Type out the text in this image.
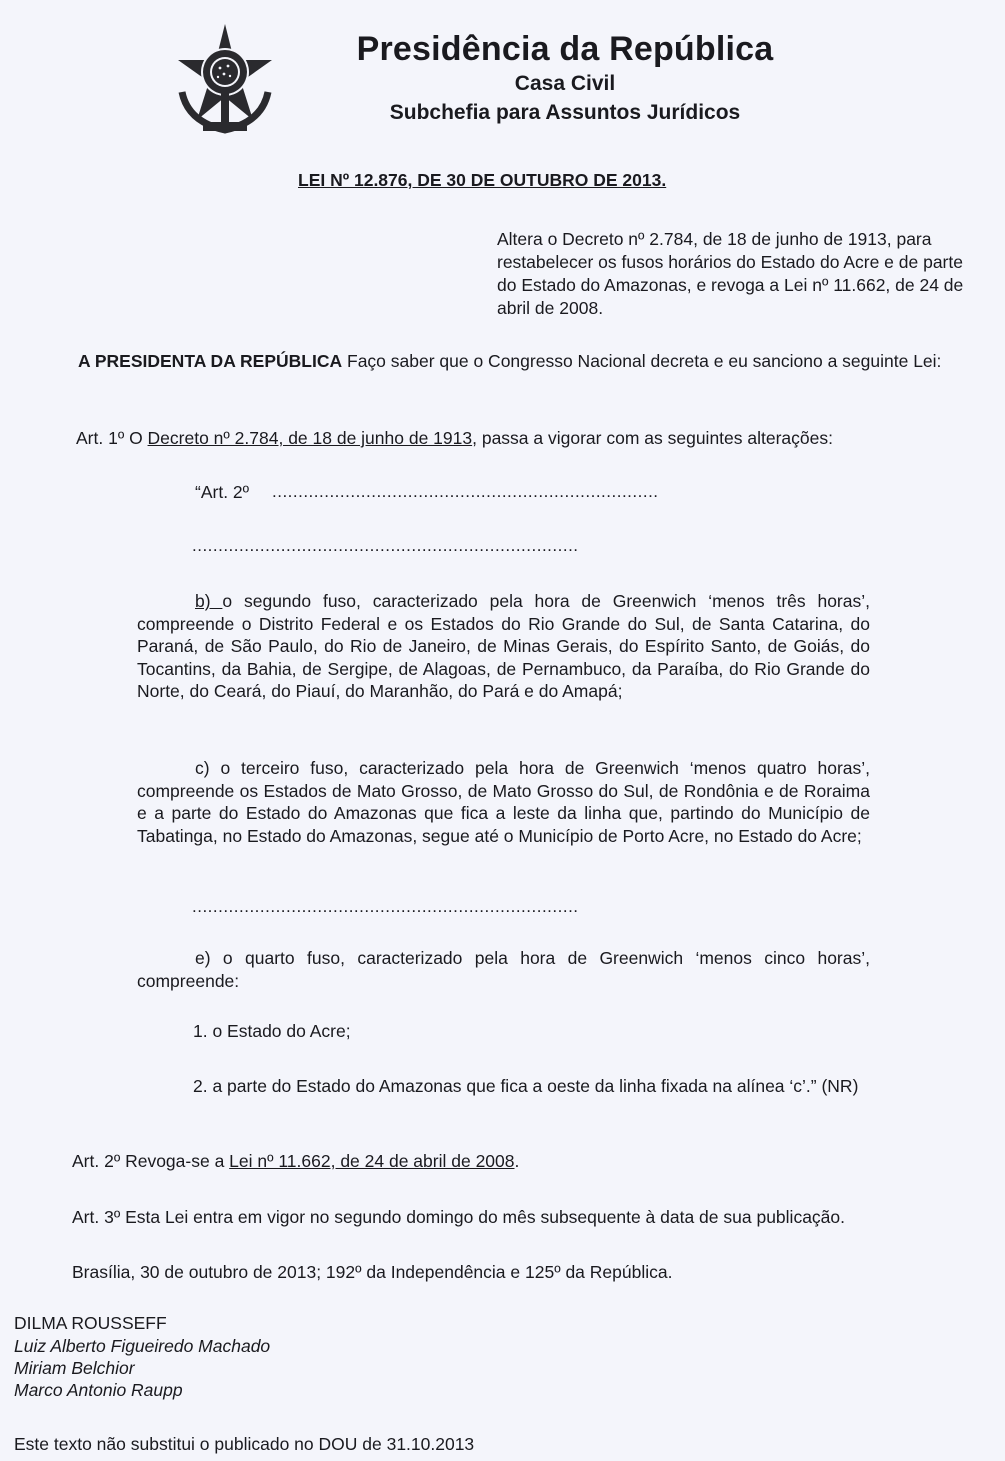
Presidência da República
Casa Civil
Subchefia para Assuntos Jurídicos
LEI Nº 12.876, DE 30 DE OUTUBRO DE 2013.
Altera o Decreto nº 2.784, de 18 de junho de 1913, para restabelecer os fusos horários do Estado do Acre e de parte do Estado do Amazonas, e revoga a Lei nº 11.662, de 24 de abril de 2008.

A PRESIDENTA DA REPÚBLICA Faço saber que o Congresso Nacional decreta e eu sanciono a seguinte Lei:

Art. 1º O Decreto nº 2.784, de 18 de junho de 1913, passa a vigorar com as seguintes alterações:
“Art. 2º ..........................................................................
..........................................................................

b) o segundo fuso, caracterizado pela hora de Greenwich ‘menos três horas’, compreende o Distrito Federal e os Estados do Rio Grande do Sul, de Santa Catarina, do Paraná, de São Paulo, do Rio de Janeiro, de Minas Gerais, do Espírito Santo, de Goiás, do Tocantins, da Bahia, de Sergipe, de Alagoas, de Pernambuco, da Paraíba, do Rio Grande do Norte, do Ceará, do Piauí, do Maranhão, do Pará e do Amapá;

c) o terceiro fuso, caracterizado pela hora de Greenwich ‘menos quatro horas’, compreende os Estados de Mato Grosso, de Mato Grosso do Sul, de Rondônia e de Roraima e a parte do Estado do Amazonas que fica a leste da linha que, partindo do Município de Tabatinga, no Estado do Amazonas, segue até o Município de Porto Acre, no Estado do Acre;

..........................................................................

e) o quarto fuso, caracterizado pela hora de Greenwich ‘menos cinco horas’, compreende:

1. o Estado do Acre;

2. a parte do Estado do Amazonas que fica a oeste da linha fixada na alínea ‘c’.” (NR)

Art. 2º Revoga-se a Lei nº 11.662, de 24 de abril de 2008.
Art. 3º Esta Lei entra em vigor no segundo domingo do mês subsequente à data de sua publicação.
Brasília, 30 de outubro de 2013; 192º da Independência e 125º da República.
DILMA ROUSSEFF
Luiz Alberto Figueiredo Machado
Miriam Belchior
Marco Antonio Raupp
Este texto não substitui o publicado no DOU de 31.10.2013
